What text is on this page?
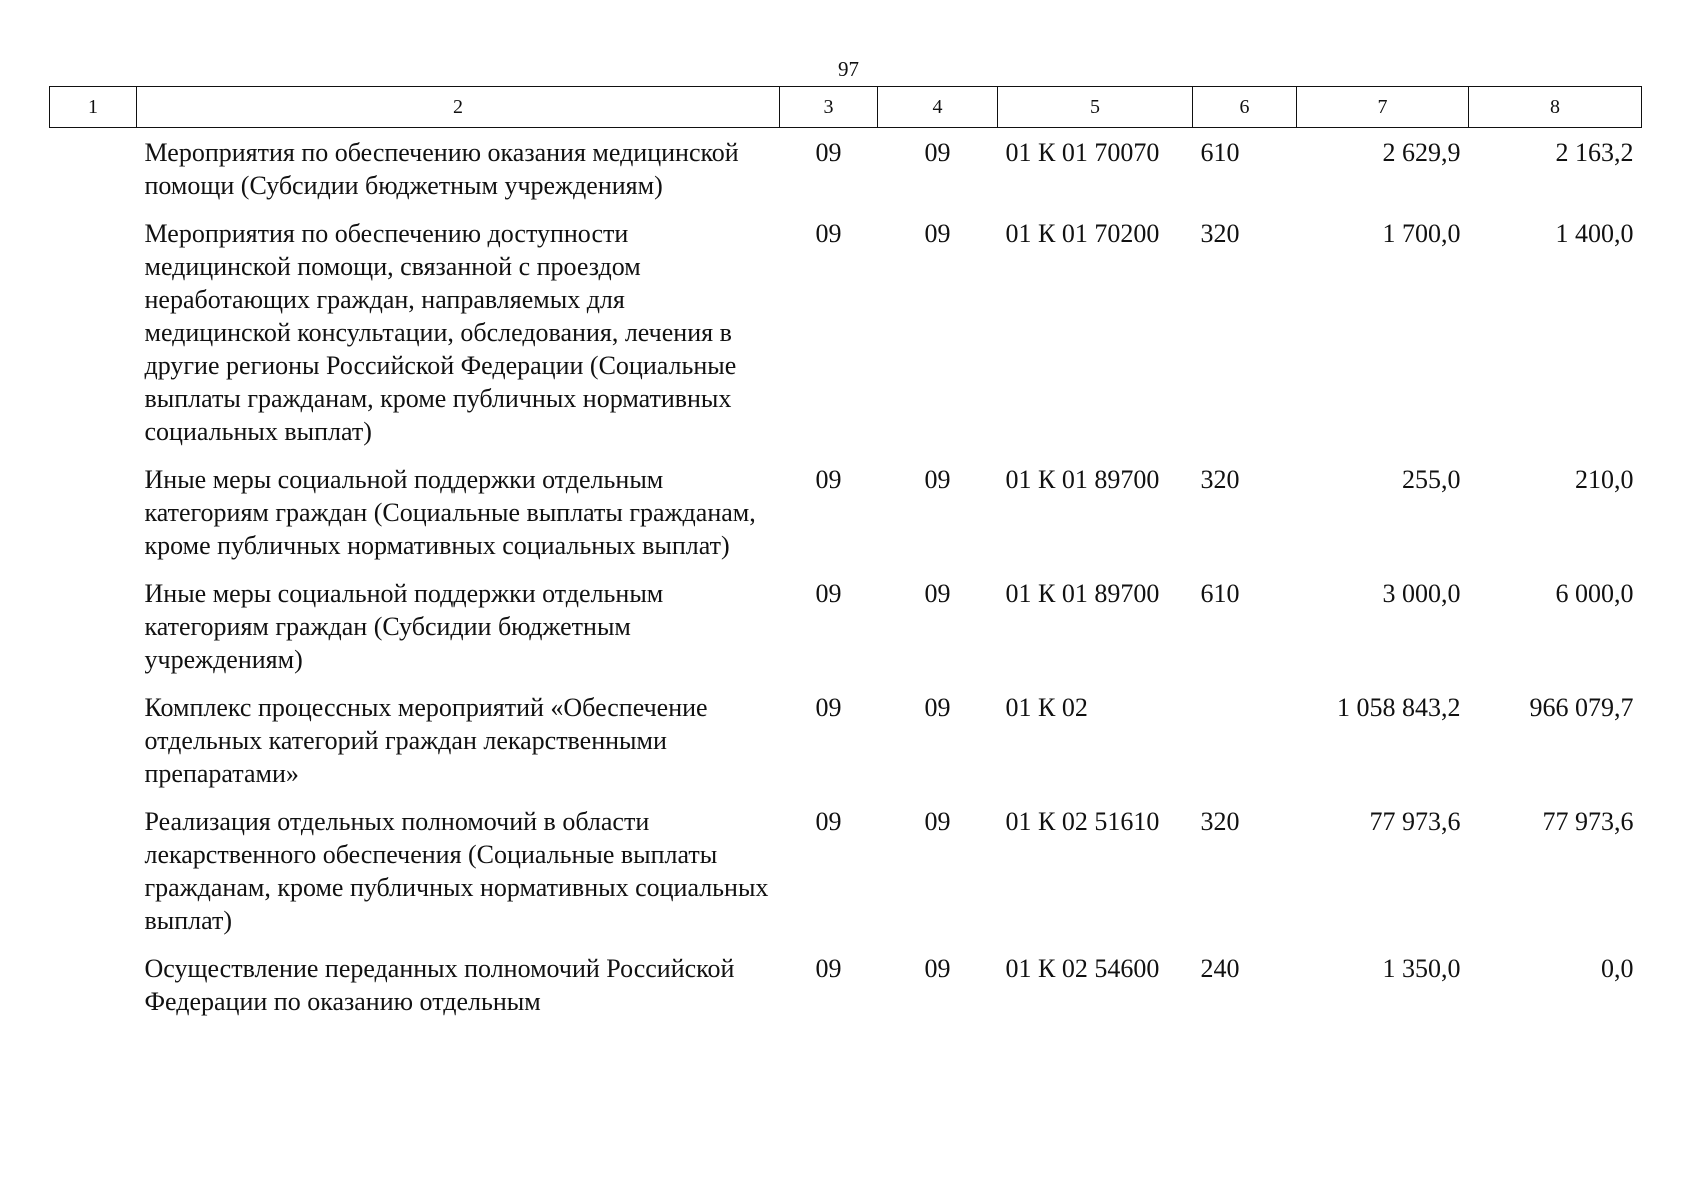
97
1	2	3	4	5	6	7	8
	Мероприятия по обеспечению оказания медицинской помощи (Субсидии бюджетным учреждениям)	09	09	01 К 01 70070	610	2 629,9	2 163,2
	Мероприятия по обеспечению доступности медицинской помощи, связанной с проездом неработающих граждан, направляемых для медицинской консультации, обследования, лечения в другие регионы Российской Федерации (Социальные выплаты гражданам, кроме публичных нормативных социальных выплат)	09	09	01 К 01 70200	320	1 700,0	1 400,0
	Иные меры социальной поддержки отдельным категориям граждан (Социальные выплаты гражданам, кроме публичных нормативных социальных выплат)	09	09	01 К 01 89700	320	255,0	210,0
	Иные меры социальной поддержки отдельным категориям граждан (Субсидии бюджетным учреждениям)	09	09	01 К 01 89700	610	3 000,0	6 000,0
	Комплекс процессных мероприятий «Обеспечение отдельных категорий граждан лекарственными препаратами»	09	09	01 К 02		1 058 843,2	966 079,7
	Реализация отдельных полномочий в области лекарственного обеспечения (Социальные выплаты гражданам, кроме публичных нормативных социальных выплат)	09	09	01 К 02 51610	320	77 973,6	77 973,6
	Осуществление переданных полномочий Российской Федерации по оказанию отдельным	09	09	01 К 02 54600	240	1 350,0	0,0
